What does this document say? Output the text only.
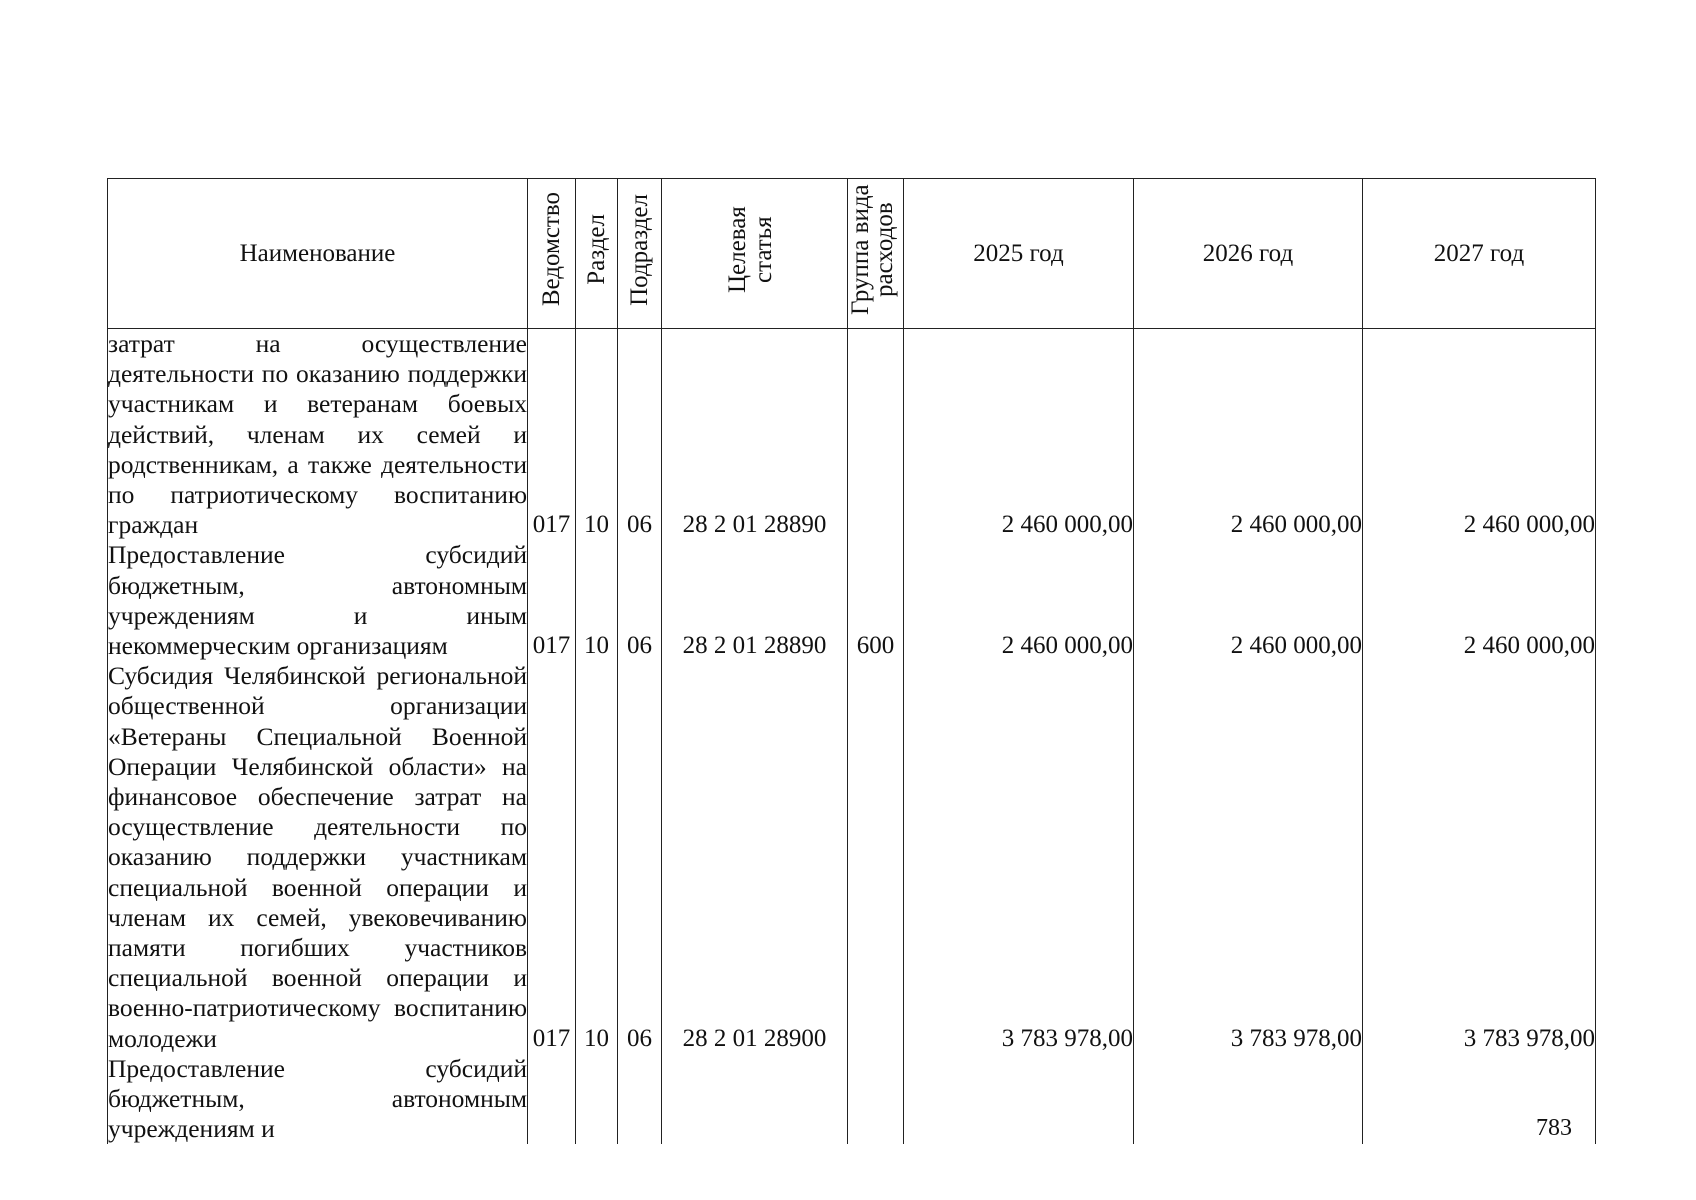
Наименование	Ведомство	Раздел	Подраздел	Целевая статья	Группа вида расходов	2025 год	2026 год	2027 год
затрат на осуществление деятельности по оказанию поддержки участникам и ветеранам боевых действий, членам их семей и родственникам, а также деятельности по патриотическому воспитанию граждан	017	10	06	28 2 01 28890		2 460 000,00	2 460 000,00	2 460 000,00
Предоставление субсидий бюджетным, автономным учреждениям и иным некоммерческим организациям	017	10	06	28 2 01 28890	600	2 460 000,00	2 460 000,00	2 460 000,00
Субсидия Челябинской региональной общественной организации «Ветераны Специальной Военной Операции Челябинской области» на финансовое обеспечение затрат на осуществление деятельности по оказанию поддержки участникам специальной военной операции и членам их семей, увековечиванию памяти погибших участников специальной военной операции и военно-патриотическому воспитанию молодежи	017	10	06	28 2 01 28900		3 783 978,00	3 783 978,00	3 783 978,00
Предоставление субсидий бюджетным, автономным учреждениям и									783
